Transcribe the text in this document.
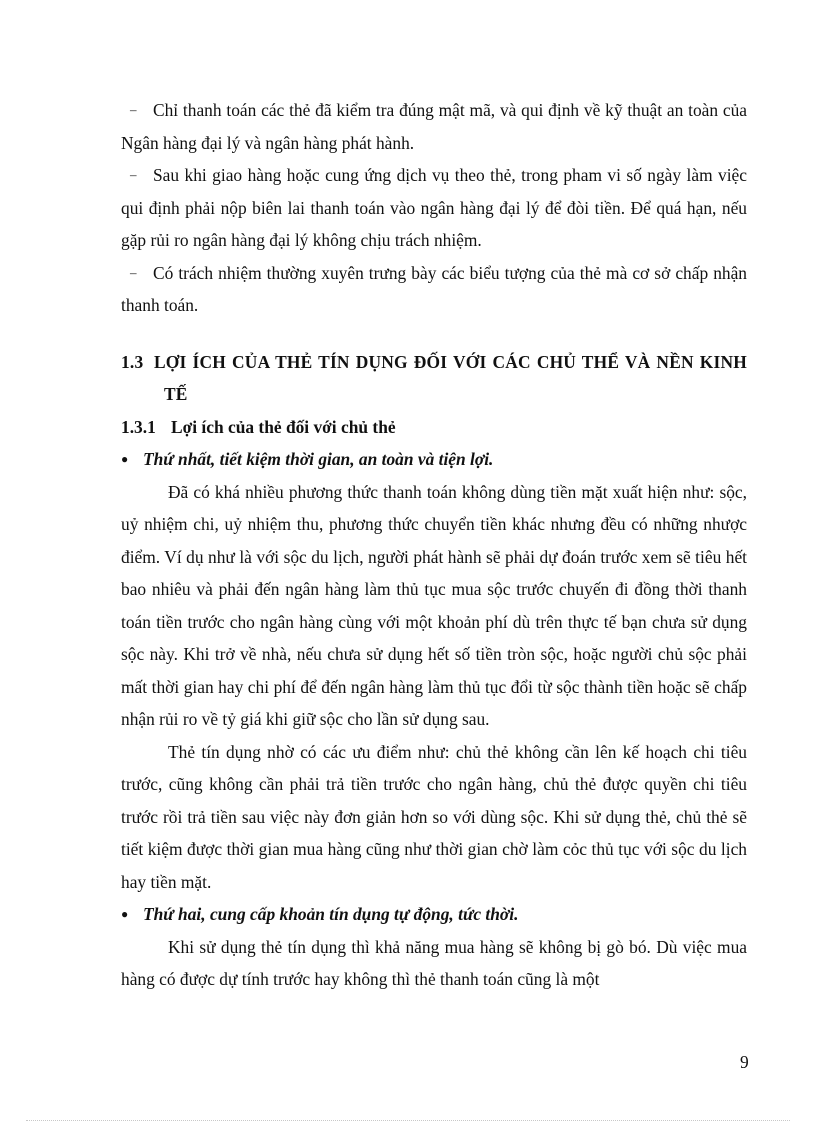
– Chỉ thanh toán các thẻ đã kiểm tra đúng mật mã, và qui định về kỹ thuật an toàn của Ngân hàng đại lý và ngân hàng phát hành.

– Sau khi giao hàng hoặc cung ứng dịch vụ theo thẻ, trong pham vi số ngày làm việc qui định phải nộp biên lai thanh toán vào ngân hàng đại lý để đòi tiền. Để quá hạn, nếu gặp rủi ro ngân hàng đại lý không chịu trách nhiệm.

– Có trách nhiệm thường xuyên trưng bày các biểu tượng của thẻ mà cơ sở chấp nhận thanh toán.

1.3 LỢI ÍCH CỦA THẺ TÍN DỤNG ĐỐI VỚI CÁC CHỦ THỂ VÀ NỀN KINH TẾ

1.3.1 Lợi ích của thẻ đối với chủ thẻ

● Thứ nhất, tiết kiệm thời gian, an toàn và tiện lợi.

Đã có khá nhiều phương thức thanh toán không dùng tiền mặt xuất hiện như: sộc, uỷ nhiệm chi, uỷ nhiệm thu, phương thức chuyển tiền khác nhưng đều có những nhược điểm. Ví dụ như là với sộc du lịch, người phát hành sẽ phải dự đoán trước xem sẽ tiêu hết bao nhiêu và phải đến ngân hàng làm thủ tục mua sộc trước chuyến đi đồng thời thanh toán tiền trước cho ngân hàng cùng với một khoản phí dù trên thực tế bạn chưa sử dụng sộc này. Khi trở về nhà, nếu chưa sử dụng hết số tiền tròn sộc, hoặc người chủ sộc phải mất thời gian hay chi phí để đến ngân hàng làm thủ tục đổi từ sộc thành tiền hoặc sẽ chấp nhận rủi ro về tỷ giá khi giữ sộc cho lần sử dụng sau.

Thẻ tín dụng nhờ có các ưu điểm như: chủ thẻ không cần lên kế hoạch chi tiêu trước, cũng không cần phải trả tiền trước cho ngân hàng, chủ thẻ được quyền chi tiêu trước rồi trả tiền sau việc này đơn giản hơn so với dùng sộc. Khi sử dụng thẻ, chủ thẻ sẽ tiết kiệm được thời gian mua hàng cũng như thời gian chờ làm cỏc thủ tục với sộc du lịch hay tiền mặt.

● Thứ hai, cung cấp khoản tín dụng tự động, tức thời.

Khi sử dụng thẻ tín dụng thì khả năng mua hàng sẽ không bị gò bó. Dù việc mua hàng có được dự tính trước hay không thì thẻ thanh toán cũng là một

9
